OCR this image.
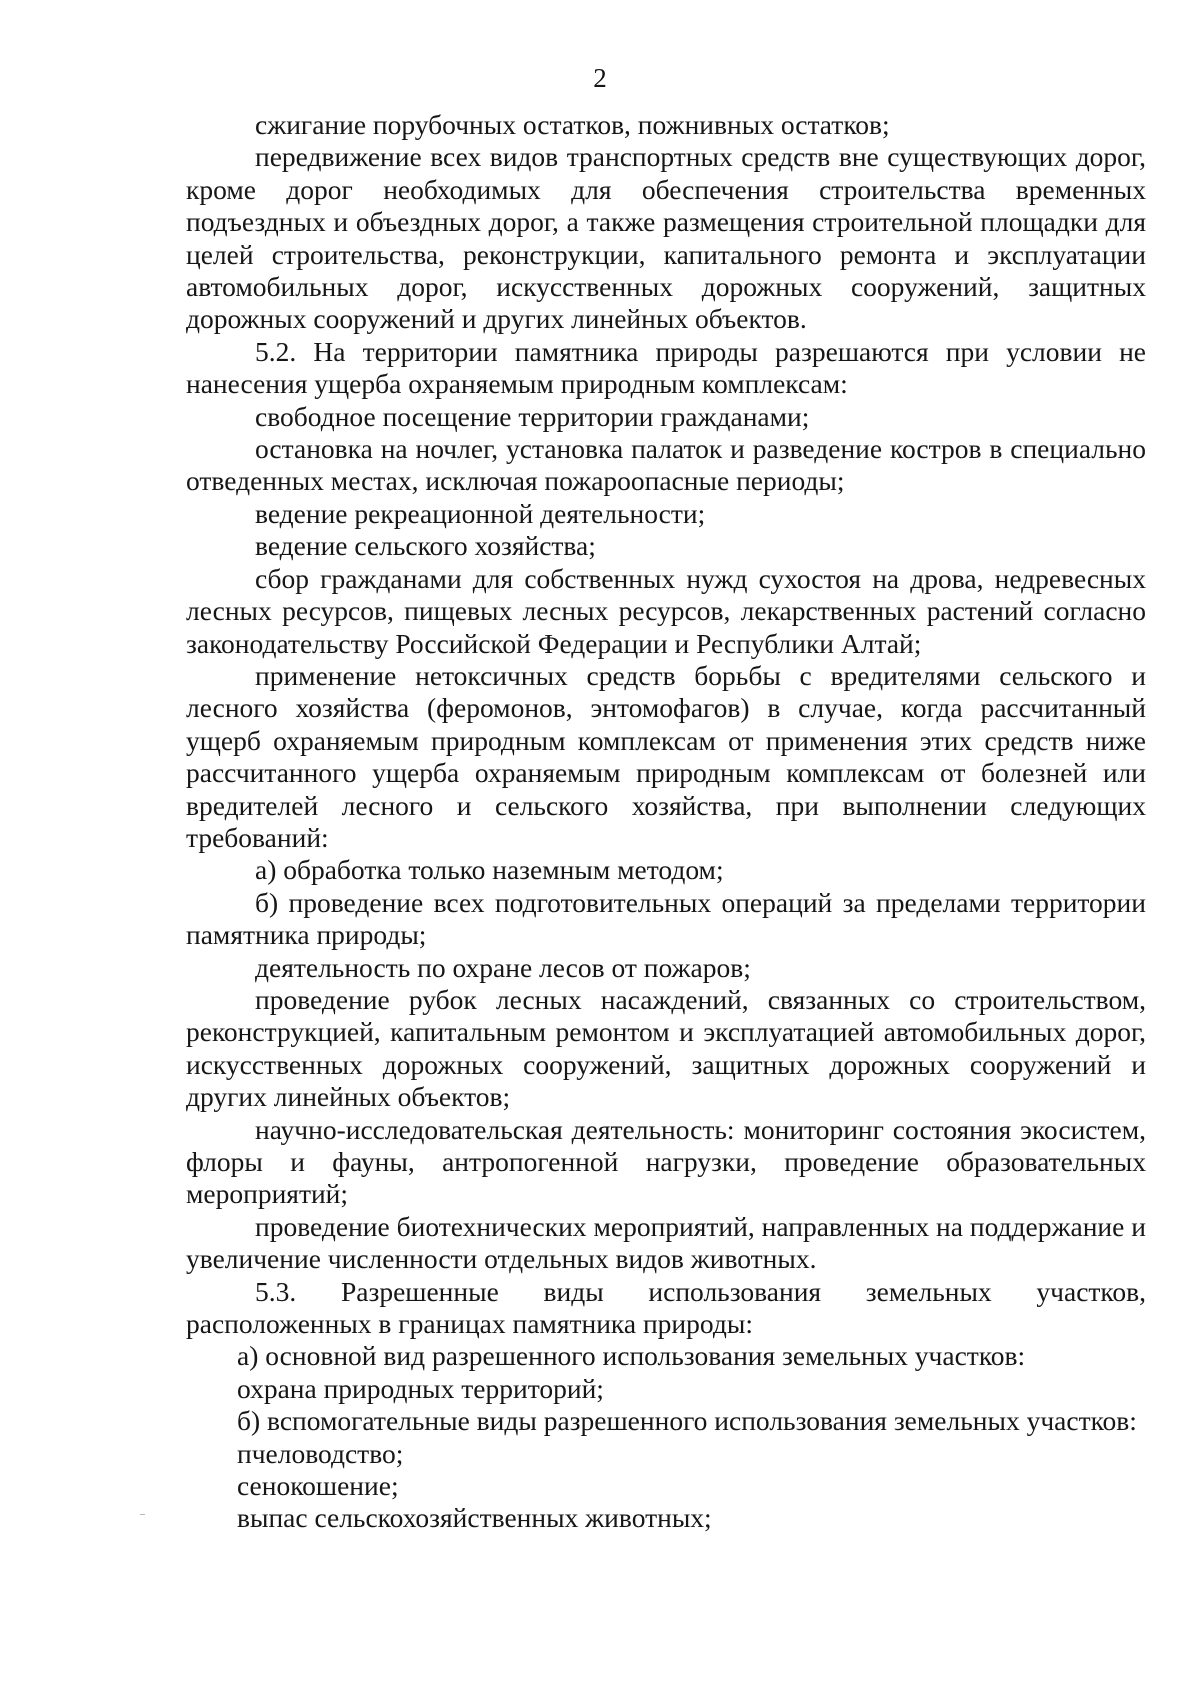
2

сжигание порубочных остатков, пожнивных остатков;

передвижение всех видов транспортных средств вне существующих дорог, кроме дорог необходимых для обеспечения строительства временных подъездных и объездных дорог, а также размещения строительной площадки для целей строительства, реконструкции, капитального ремонта и эксплуатации автомобильных дорог, искусственных дорожных сооружений, защитных дорожных сооружений и других линейных объектов.

5.2. На территории памятника природы разрешаются при условии не нанесения ущерба охраняемым природным комплексам:

свободное посещение территории гражданами;

остановка на ночлег, установка палаток и разведение костров в специально отведенных местах, исключая пожароопасные периоды;

ведение рекреационной деятельности;

ведение сельского хозяйства;

сбор гражданами для собственных нужд сухостоя на дрова, недревесных лесных ресурсов, пищевых лесных ресурсов, лекарственных растений согласно законодательству Российской Федерации и Республики Алтай;

применение нетоксичных средств борьбы с вредителями сельского и лесного хозяйства (феромонов, энтомофагов) в случае, когда рассчитанный ущерб охраняемым природным комплексам от применения этих средств ниже рассчитанного ущерба охраняемым природным комплексам от болезней или вредителей лесного и сельского хозяйства, при выполнении следующих требований:

а) обработка только наземным методом;

б) проведение всех подготовительных операций за пределами территории памятника природы;

деятельность по охране лесов от пожаров;

проведение рубок лесных насаждений, связанных со строительством, реконструкцией, капитальным ремонтом и эксплуатацией автомобильных дорог, искусственных дорожных сооружений, защитных дорожных сооружений и других линейных объектов;

научно-исследовательская деятельность: мониторинг состояния экосистем, флоры и фауны, антропогенной нагрузки, проведение образовательных мероприятий;

проведение биотехнических мероприятий, направленных на поддержание и увеличение численности отдельных видов животных.

5.3. Разрешенные виды использования земельных участков, расположенных в границах памятника природы:

а) основной вид разрешенного использования земельных участков:

охрана природных территорий;

б) вспомогательные виды разрешенного использования земельных участков:

пчеловодство;

сенокошение;

выпас сельскохозяйственных животных;
